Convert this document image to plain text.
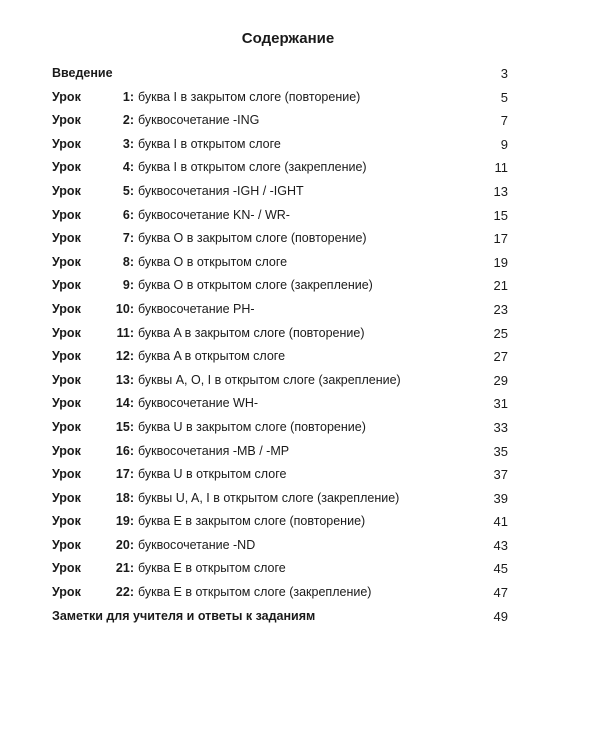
Содержание
Введение	3
Урок	1: буква I в закрытом слоге (повторение)	5
Урок	2: буквосочетание -ING	7
Урок	3: буква I в открытом слоге	9
Урок	4: буква I в открытом слоге (закрепление)	11
Урок	5: буквосочетания -IGH / -IGHT	13
Урок	6: буквосочетание KN- / WR-	15
Урок	7: буква O в закрытом слоге (повторение)	17
Урок	8: буква O в открытом слоге	19
Урок	9: буква O в открытом слоге (закрепление)	21
Урок	10: буквосочетание PH-	23
Урок	11: буква A в закрытом слоге (повторение)	25
Урок	12: буква A в открытом слоге	27
Урок	13: буквы A, O, I в открытом слоге (закрепление)	29
Урок	14: буквосочетание WH-	31
Урок	15: буква U в закрытом слоге (повторение)	33
Урок	16: буквосочетания -MB / -MP	35
Урок	17: буква U в открытом слоге	37
Урок	18: буквы U, A, I в открытом слоге (закрепление)	39
Урок	19: буква E в закрытом слоге (повторение)	41
Урок	20: буквосочетание -ND	43
Урок	21: буква E в открытом слоге	45
Урок	22: буква E в открытом слоге (закрепление)	47
Заметки для учителя и ответы к заданиям	49
